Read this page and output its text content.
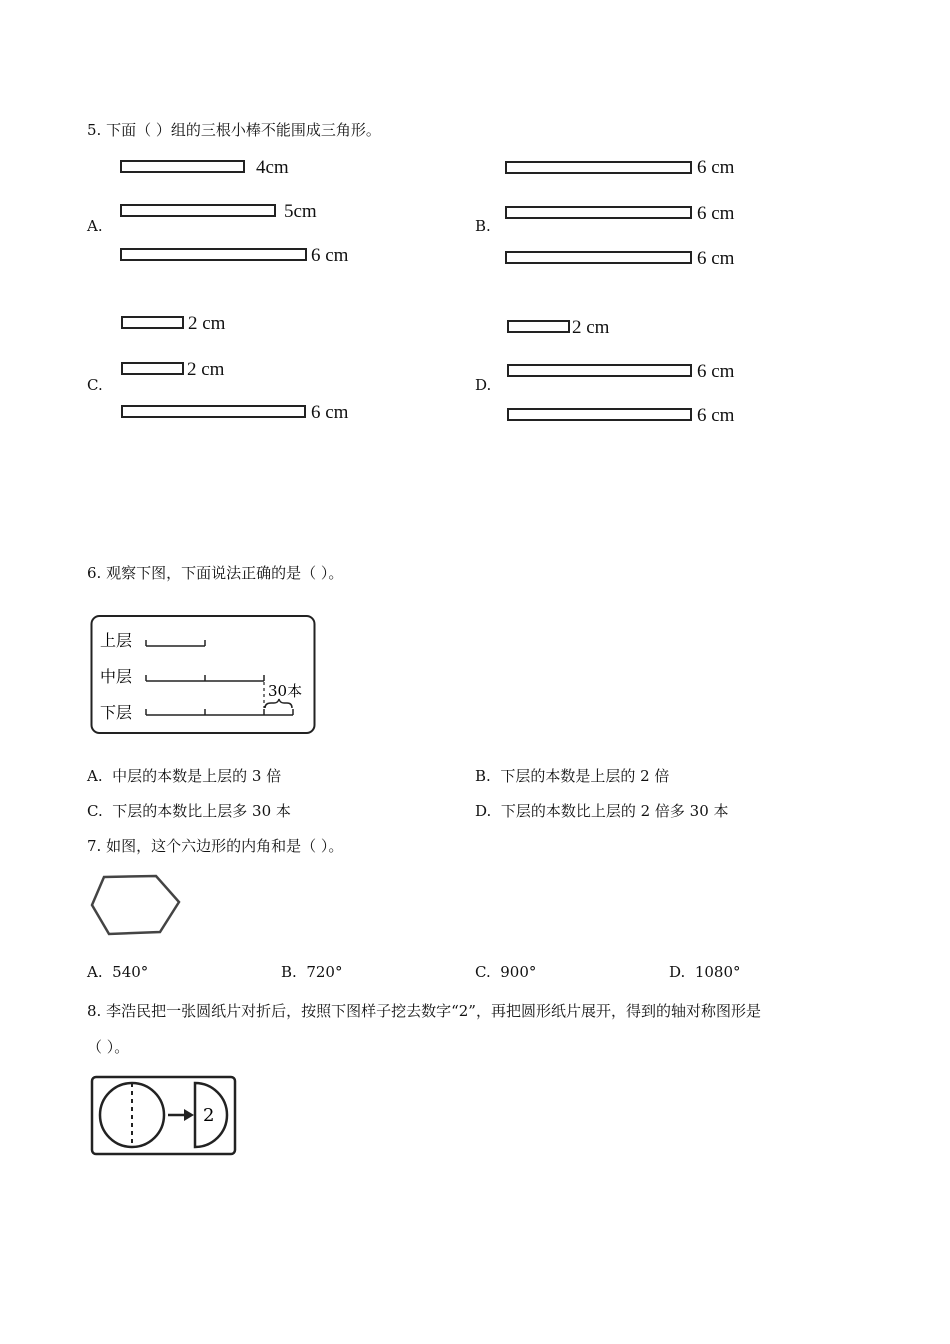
5. 下面（ ）组的三根小棒不能围成三角形。
A.
4cm
5cm
6 cm
B.
6 cm
6 cm
6 cm
C.
2 cm
2 cm
6 cm
D.
2 cm
6 cm
6 cm
6. 观察下图，下面说法正确的是（ ）。
上层
中层
下层
30本
A. 中层的本数是上层的 3 倍	B. 下层的本数是上层的 2 倍
C. 下层的本数比上层多 30 本	D. 下层的本数比上层的 2 倍多 30 本
7. 如图，这个六边形的内角和是（ ）。
A. 540°	B. 720°	C. 900°	D. 1080°
8. 李浩民把一张圆纸片对折后，按照下图样子挖去数字“2”，再把圆形纸片展开，得到的轴对称图形是
（ ）。
2
